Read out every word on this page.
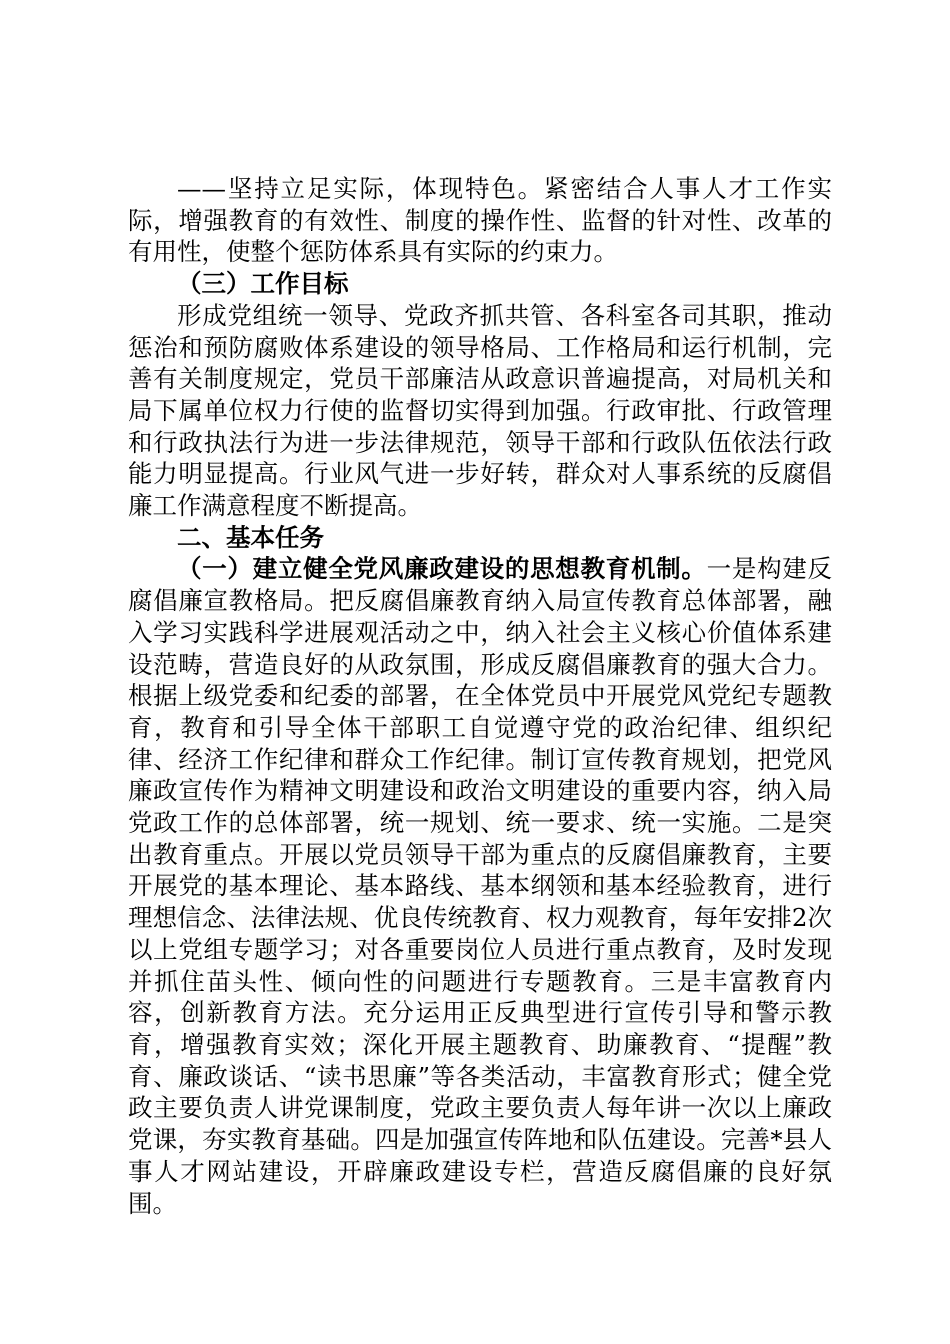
——坚持立足实际，体现特色。紧密结合人事人才工作实际，增强教育的有效性、制度的操作性、监督的针对性、改革的有用性，使整个惩防体系具有实际的约束力。

（三）工作目标

形成党组统一领导、党政齐抓共管、各科室各司其职，推动惩治和预防腐败体系建设的领导格局、工作格局和运行机制，完善有关制度规定，党员干部廉洁从政意识普遍提高，对局机关和局下属单位权力行使的监督切实得到加强。行政审批、行政管理和行政执法行为进一步法律规范，领导干部和行政队伍依法行政能力明显提高。行业风气进一步好转，群众对人事系统的反腐倡廉工作满意程度不断提高。

二、基本任务

（一）建立健全党风廉政建设的思想教育机制。一是构建反腐倡廉宣教格局。把反腐倡廉教育纳入局宣传教育总体部署，融入学习实践科学进展观活动之中，纳入社会主义核心价值体系建设范畴，营造良好的从政氛围，形成反腐倡廉教育的强大合力。根据上级党委和纪委的部署，在全体党员中开展党风党纪专题教育，教育和引导全体干部职工自觉遵守党的政治纪律、组织纪律、经济工作纪律和群众工作纪律。制订宣传教育规划，把党风廉政宣传作为精神文明建设和政治文明建设的重要内容，纳入局党政工作的总体部署，统一规划、统一要求、统一实施。二是突出教育重点。开展以党员领导干部为重点的反腐倡廉教育，主要开展党的基本理论、基本路线、基本纲领和基本经验教育，进行理想信念、法律法规、优良传统教育、权力观教育，每年安排2次以上党组专题学习；对各重要岗位人员进行重点教育，及时发现并抓住苗头性、倾向性的问题进行专题教育。三是丰富教育内容，创新教育方法。充分运用正反典型进行宣传引导和警示教育，增强教育实效；深化开展主题教育、助廉教育、“提醒”教育、廉政谈话、“读书思廉”等各类活动，丰富教育形式；健全党政主要负责人讲党课制度，党政主要负责人每年讲一次以上廉政党课，夯实教育基础。四是加强宣传阵地和队伍建设。完善*县人事人才网站建设，开辟廉政建设专栏，营造反腐倡廉的良好氛围。
